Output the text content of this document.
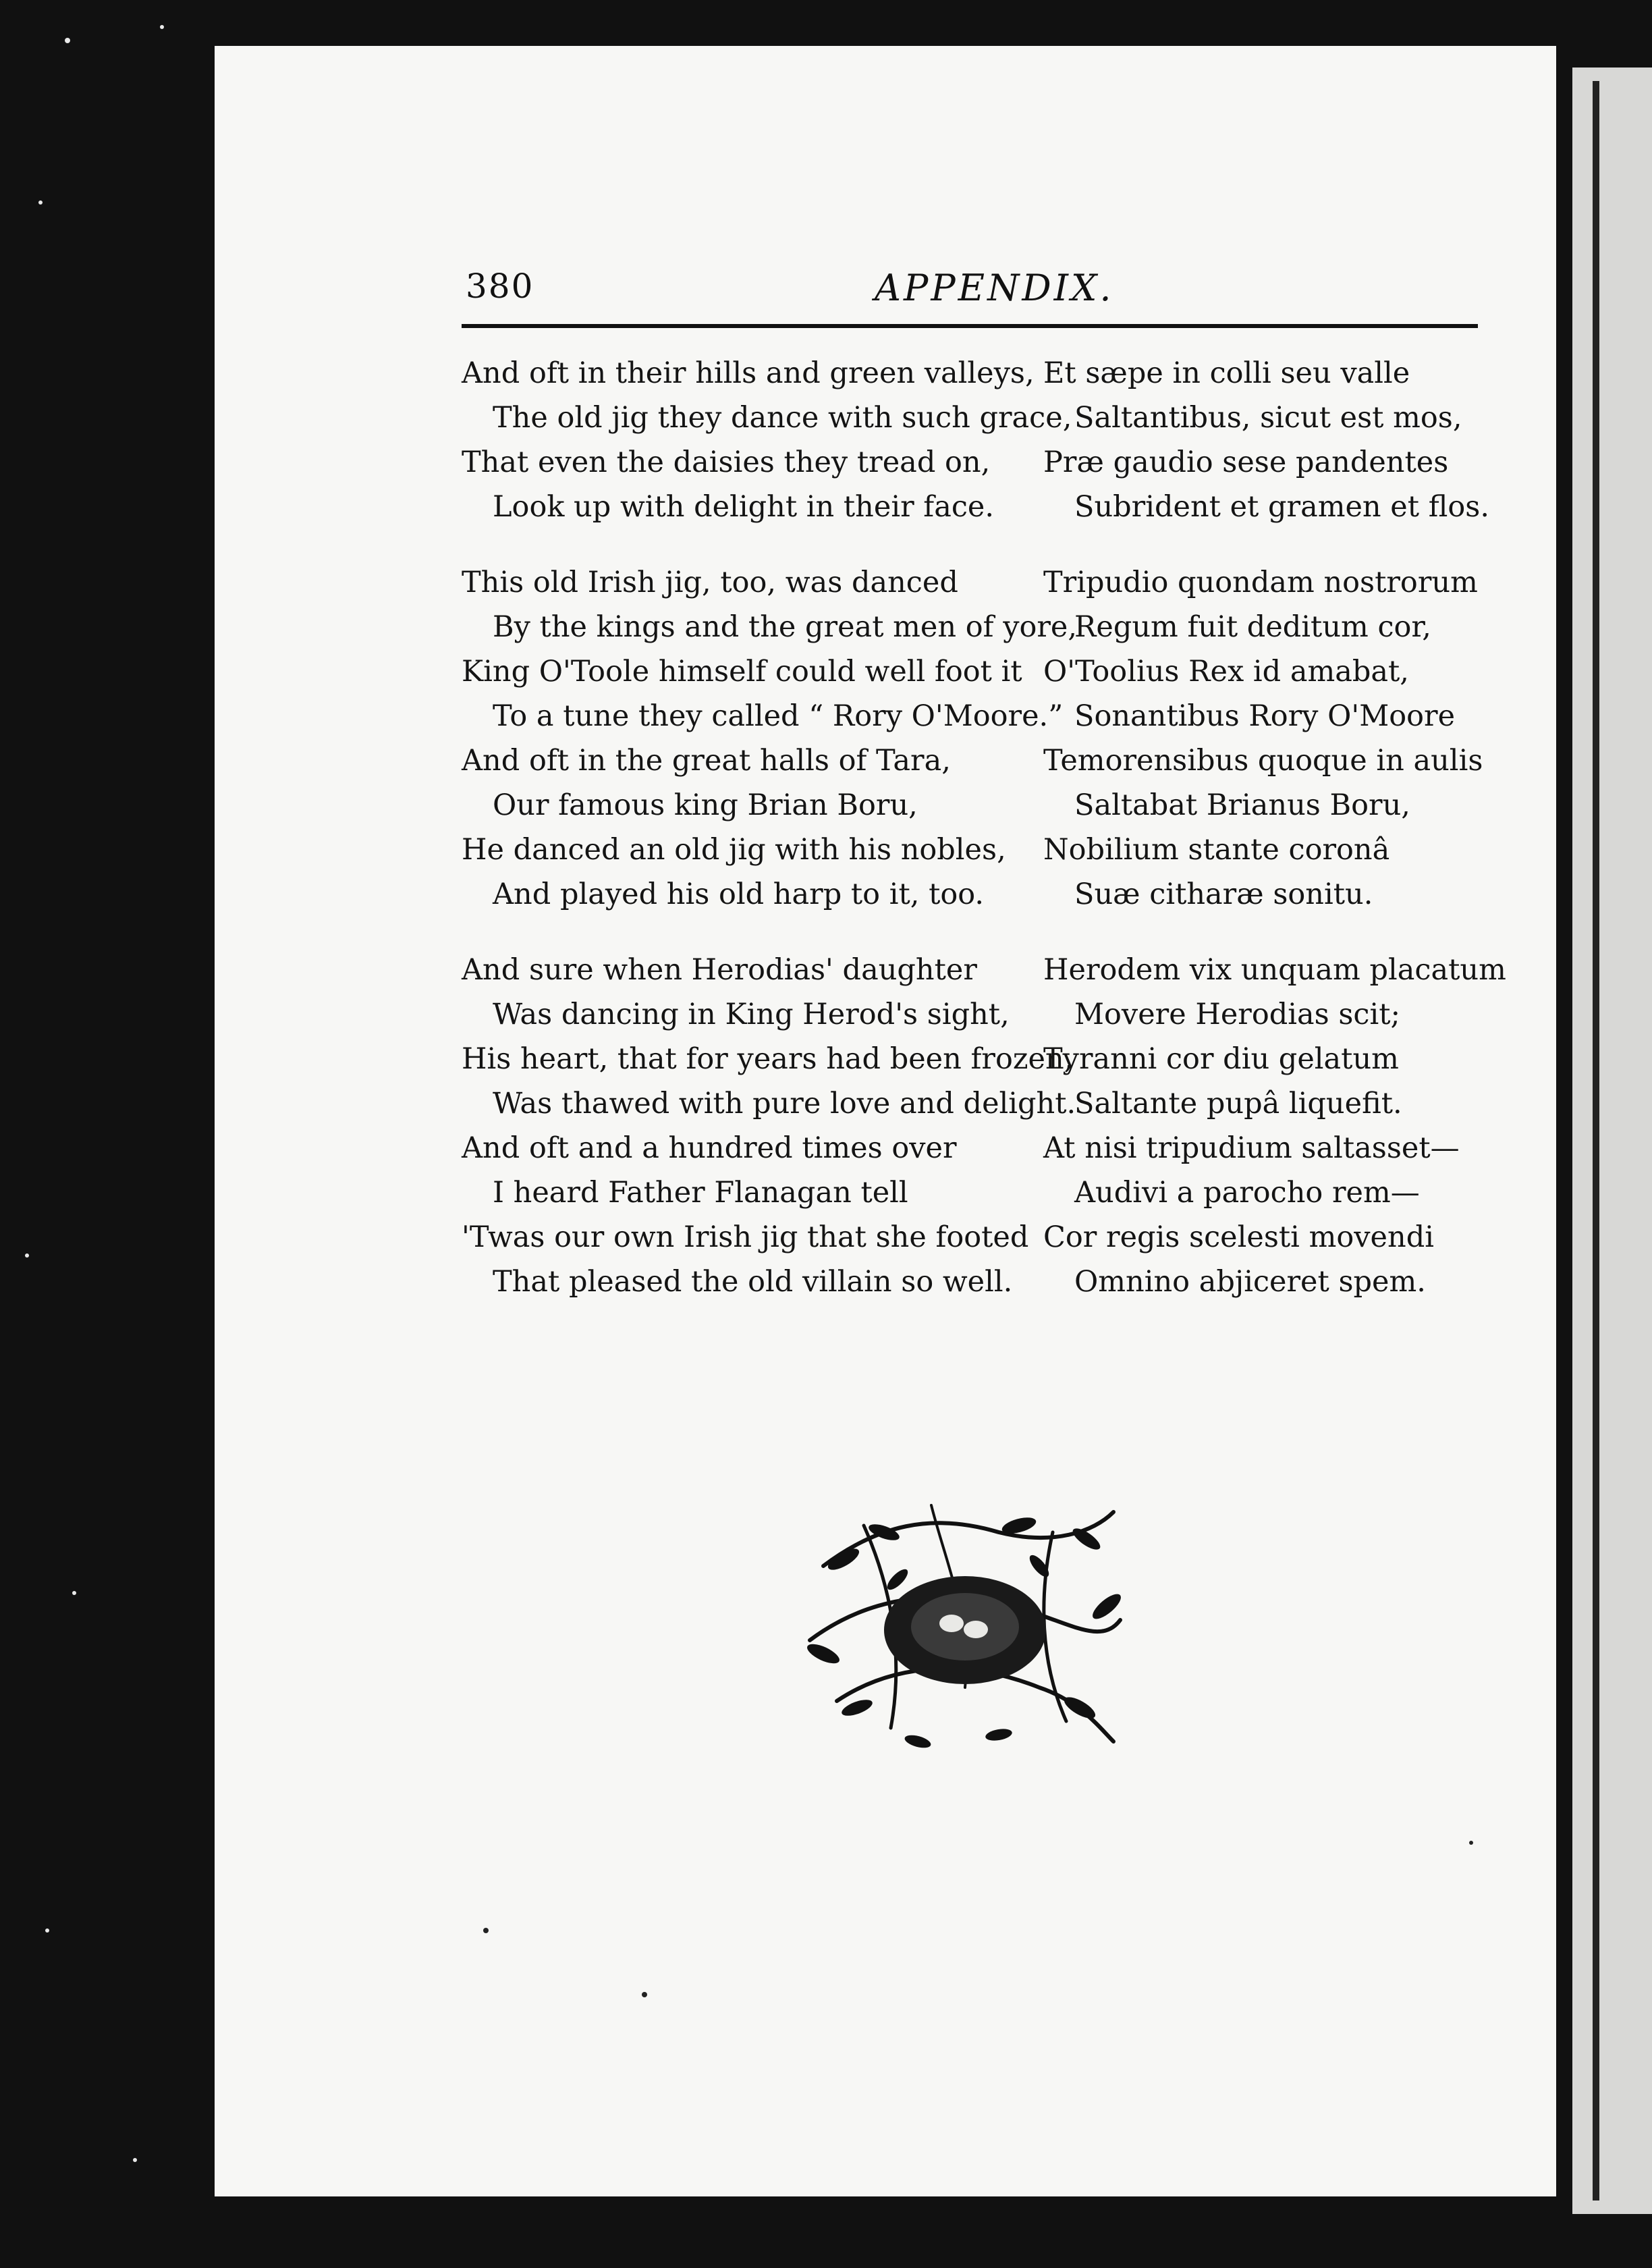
380	APPENDIX.
And oft in their hills and green valleys,
The old jig they dance with such grace,
That even the daisies they tread on,
Look up with delight in their face.
This old Irish jig, too, was danced
By the kings and the great men of yore,
King O'Toole himself could well foot it
To a tune they called “ Rory O'Moore.”
And oft in the great halls of Tara,
Our famous king Brian Boru,
He danced an old jig with his nobles,
And played his old harp to it, too.
And sure when Herodias' daughter
Was dancing in King Herod's sight,
His heart, that for years had been frozen,
Was thawed with pure love and delight.
And oft and a hundred times over
I heard Father Flanagan tell
'Twas our own Irish jig that she footed
That pleased the old villain so well.
Et sæpe in colli seu valle
Saltantibus, sicut est mos,
Præ gaudio sese pandentes
Subrident et gramen et flos.
Tripudio quondam nostrorum
Regum fuit deditum cor,
O'Toolius Rex id amabat,
Sonantibus Rory O'Moore
Temorensibus quoque in aulis
Saltabat Brianus Boru,
Nobilium stante coronâ
Suæ citharæ sonitu.
Herodem vix unquam placatum
Movere Herodias scit;
Tyranni cor diu gelatum
Saltante pupâ liquefit.
At nisi tripudium saltasset—
Audivi a parocho rem—
Cor regis scelesti movendi
Omnino abjiceret spem.
